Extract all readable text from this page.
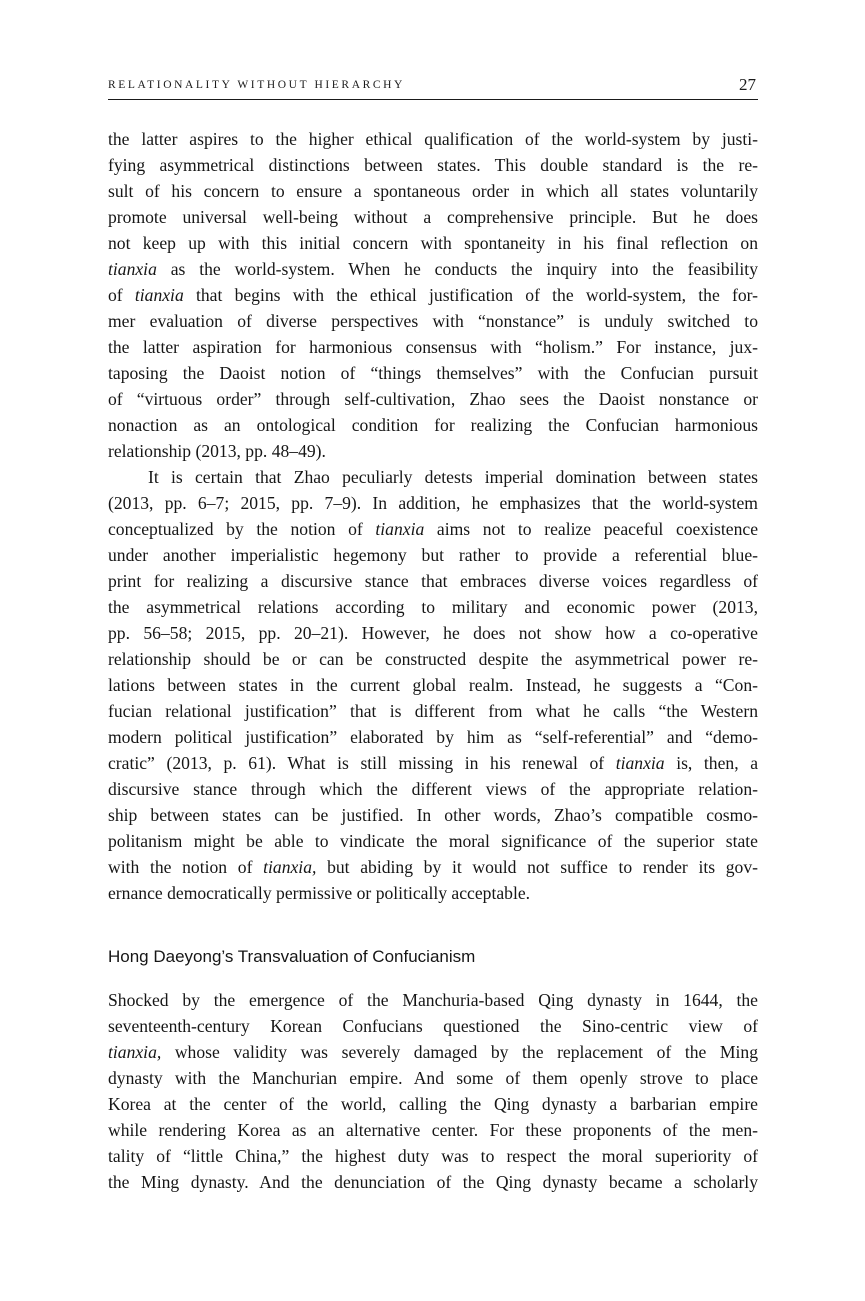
RELATIONALITY WITHOUT HIERARCHY	27
the latter aspires to the higher ethical qualification of the world-system by justi-
fying asymmetrical distinctions between states. This double standard is the re-
sult of his concern to ensure a spontaneous order in which all states voluntarily
promote universal well-being without a comprehensive principle. But he does
not keep up with this initial concern with spontaneity in his final reflection on
tianxia as the world-system. When he conducts the inquiry into the feasibility
of tianxia that begins with the ethical justification of the world-system, the for-
mer evaluation of diverse perspectives with “nonstance” is unduly switched to
the latter aspiration for harmonious consensus with “holism.” For instance, jux-
taposing the Daoist notion of “things themselves” with the Confucian pursuit
of “virtuous order” through self-cultivation, Zhao sees the Daoist nonstance or
nonaction as an ontological condition for realizing the Confucian harmonious
relationship (2013, pp. 48–49).
It is certain that Zhao peculiarly detests imperial domination between states
(2013, pp. 6–7; 2015, pp. 7–9). In addition, he emphasizes that the world-system
conceptualized by the notion of tianxia aims not to realize peaceful coexistence
under another imperialistic hegemony but rather to provide a referential blue-
print for realizing a discursive stance that embraces diverse voices regardless of
the asymmetrical relations according to military and economic power (2013,
pp. 56–58; 2015, pp. 20–21). However, he does not show how a co-operative
relationship should be or can be constructed despite the asymmetrical power re-
lations between states in the current global realm. Instead, he suggests a “Con-
fucian relational justification” that is different from what he calls “the Western
modern political justification” elaborated by him as “self-referential” and “demo-
cratic” (2013, p. 61). What is still missing in his renewal of tianxia is, then, a
discursive stance through which the different views of the appropriate relation-
ship between states can be justified. In other words, Zhao’s compatible cosmo-
politanism might be able to vindicate the moral significance of the superior state
with the notion of tianxia, but abiding by it would not suffice to render its gov-
ernance democratically permissive or politically acceptable.
Hong Daeyong’s Transvaluation of Confucianism
Shocked by the emergence of the Manchuria-based Qing dynasty in 1644, the
seventeenth-century Korean Confucians questioned the Sino-centric view of
tianxia, whose validity was severely damaged by the replacement of the Ming
dynasty with the Manchurian empire. And some of them openly strove to place
Korea at the center of the world, calling the Qing dynasty a barbarian empire
while rendering Korea as an alternative center. For these proponents of the men-
tality of “little China,” the highest duty was to respect the moral superiority of
the Ming dynasty. And the denunciation of the Qing dynasty became a scholarly
